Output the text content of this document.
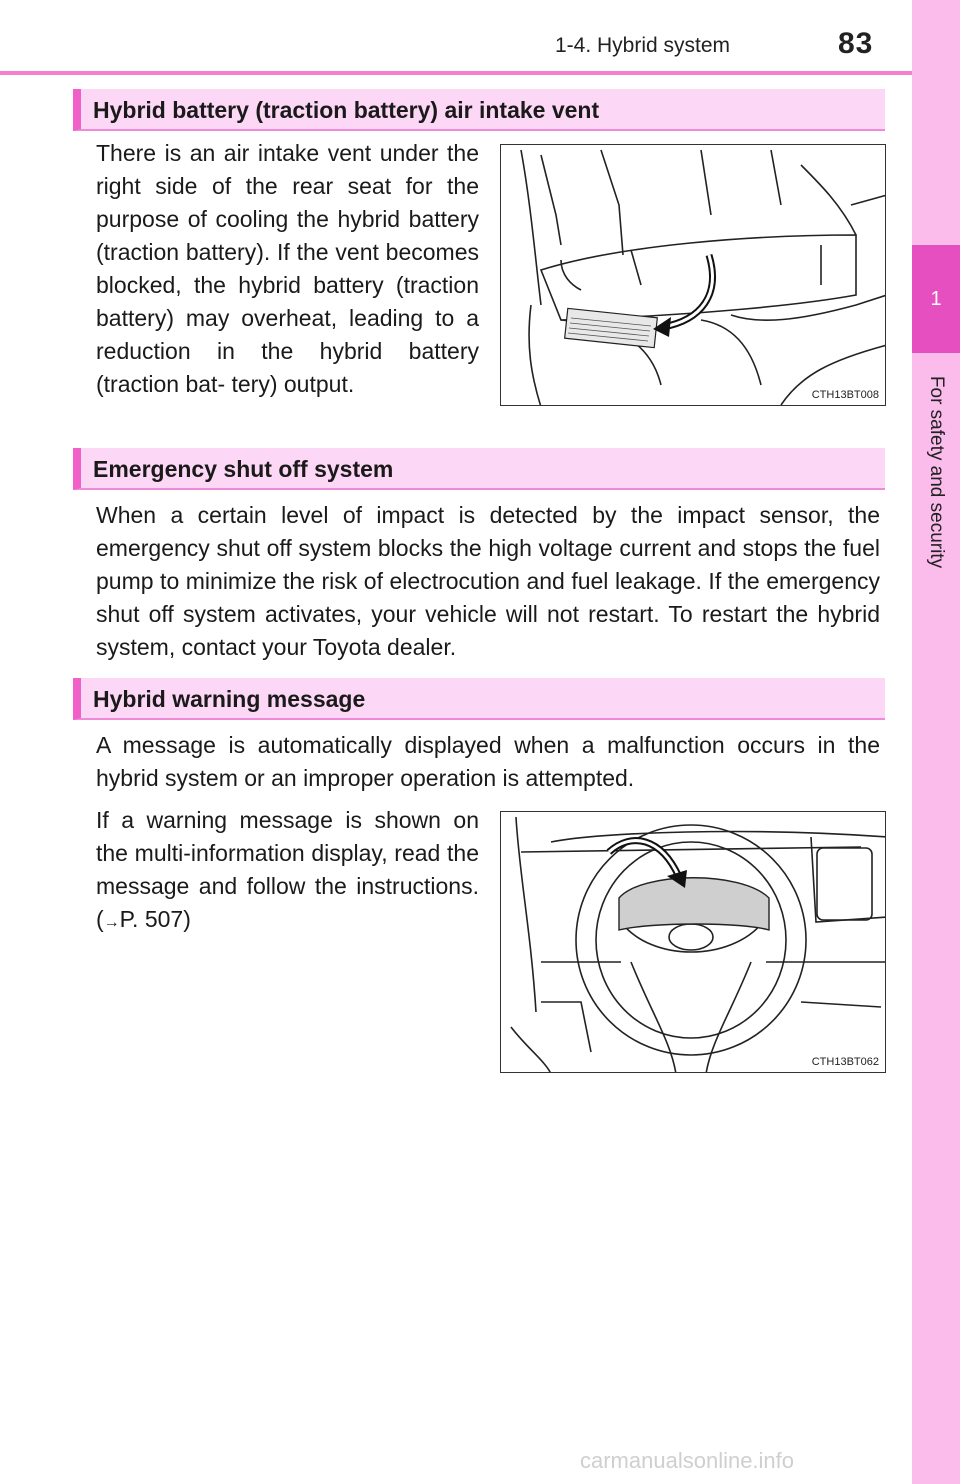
1
For safety and security
1-4. Hybrid system	83
Hybrid battery (traction battery) air intake vent

There is an air intake vent under the right side of the rear seat for the purpose of cooling the hybrid battery (traction battery). If the vent becomes blocked, the hybrid battery (traction battery) may overheat, leading to a reduction in the hybrid battery (traction bat- tery) output.	CTH13BT008
Emergency shut off system

When a certain level of impact is detected by the impact sensor, the emergency shut off system blocks the high voltage current and stops the fuel pump to minimize the risk of electrocution and fuel leakage. If the emergency shut off system activates, your vehicle will not restart. To restart the hybrid system, contact your Toyota dealer.

Hybrid warning message

A message is automatically displayed when a malfunction occurs in the hybrid system or an improper operation is attempted.

If a warning message is shown on the multi-information display, read the message and follow the instructions. (→P. 507)

CTH13BT062
carmanualsonline.info
